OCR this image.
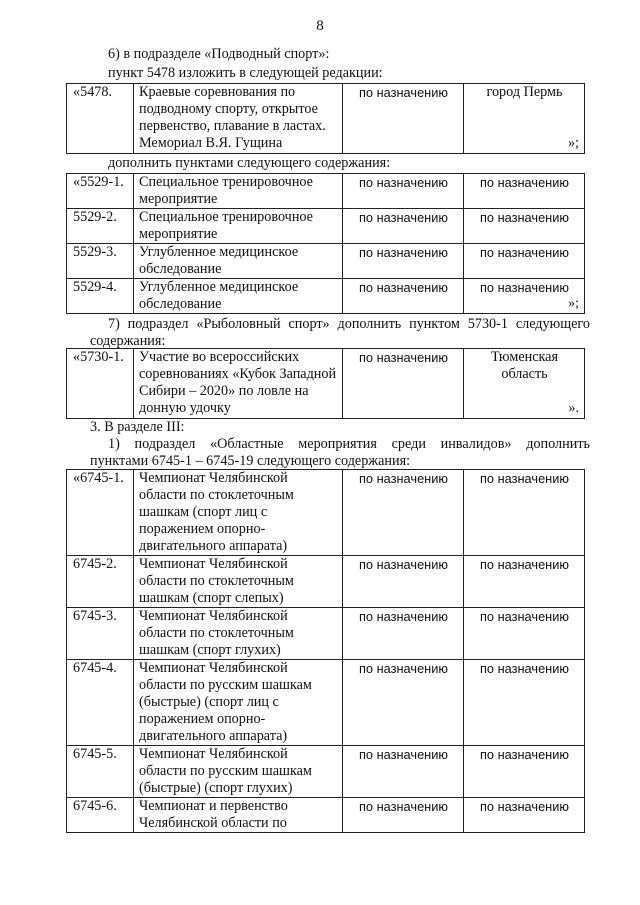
8
6) в подразделе «Подводный спорт»:
пункт 5478 изложить в следующей редакции:
«5478.	Краевые соревнования по подводному спорту, открытое первенство, плавание в ластах. Мемориал В.Я. Гущина	по назначению	город Пермь
»;
дополнить пунктами следующего содержания:
«5529-1.	Специальное тренировочное мероприятие	по назначению	по назначению
5529-2.	Специальное тренировочное мероприятие	по назначению	по назначению
5529-3.	Углубленное медицинское обследование	по назначению	по назначению
5529-4.	Углубленное медицинское обследование	по назначению	по назначению
»;
7) подраздел «Рыболовный спорт» дополнить пунктом 5730-1 следующего
содержания:
«5730-1.	Участие во всероссийских соревнованиях «Кубок Западной Сибири – 2020» по ловле на донную удочку	по назначению	Тюменская область
».
3. В разделе III:
1) подраздел «Областные мероприятия среди инвалидов» дополнить
пунктами 6745-1 – 6745-19 следующего содержания:
«6745-1.	Чемпионат Челябинской области по стоклеточным шашкам (спорт лиц с поражением опорно-двигательного аппарата)	по назначению	по назначению
6745-2.	Чемпионат Челябинской области по стоклеточным шашкам (спорт слепых)	по назначению	по назначению
6745-3.	Чемпионат Челябинской области по стоклеточным шашкам (спорт глухих)	по назначению	по назначению
6745-4.	Чемпионат Челябинской области по русским шашкам (быстрые) (спорт лиц с поражением опорно-двигательного аппарата)	по назначению	по назначению
6745-5.	Чемпионат Челябинской области по русским шашкам (быстрые) (спорт глухих)	по назначению	по назначению
6745-6.	Чемпионат и первенство Челябинской области по	по назначению	по назначению
